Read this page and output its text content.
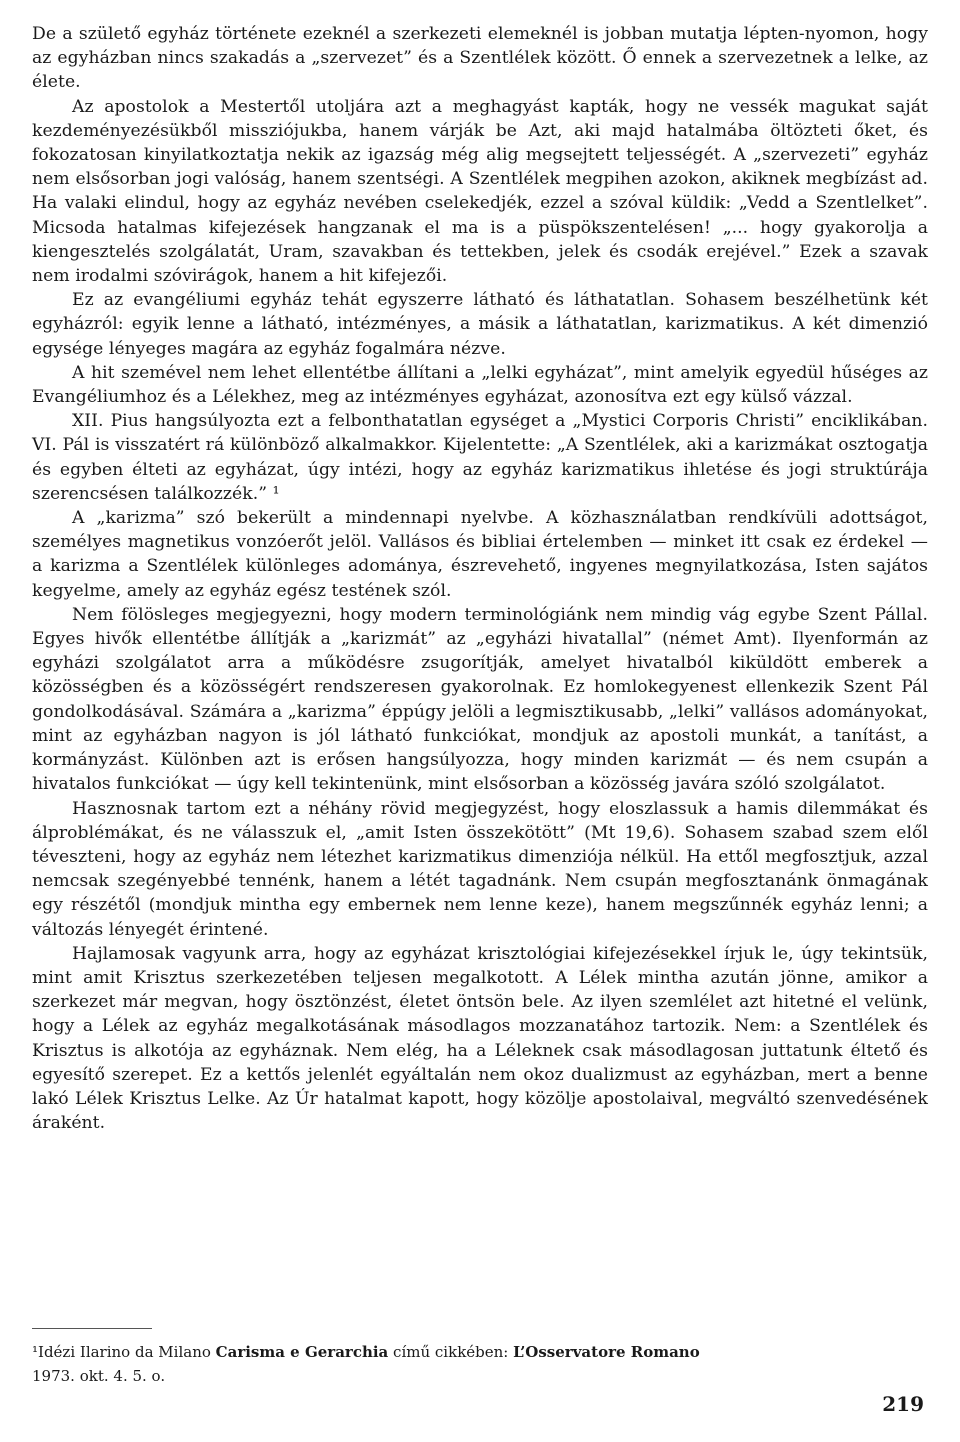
De a születő egyház története ezeknél a szerkezeti elemeknél is jobban mutatja lépten-nyomon, hogy az egyházban nincs szakadás a „szervezet” és a Szentlélek között. Ő ennek a szervezetnek a lelke, az élete.

Az apostolok a Mestertől utoljára azt a meghagyást kapták, hogy ne vessék magukat saját kezdeményezésükből missziójukba, hanem várják be Azt, aki majd hatalmába öltözteti őket, és fokozatosan kinyilatkoztatja nekik az igazság még alig megsejtett teljességét. A „szervezeti” egyház nem elsősorban jogi valóság, hanem szentségi. A Szentlélek megpihen azokon, akiknek megbízást ad. Ha valaki elindul, hogy az egyház nevében cselekedjék, ezzel a szóval küldik: „Vedd a Szentlelket”. Micsoda hatalmas kifejezések hangzanak el ma is a püspökszentelésen! „... hogy gyakorolja a kiengesztelés szolgálatát, Uram, szavakban és tettekben, jelek és csodák erejével.” Ezek a szavak nem irodalmi szóvirágok, hanem a hit kifejezői.

Ez az evangéliumi egyház tehát egyszerre látható és láthatatlan. Sohasem beszélhetünk két egyházról: egyik lenne a látható, intézményes, a másik a láthatatlan, karizmatikus. A két dimenzió egysége lényeges magára az egyház fogalmára nézve.

A hit szemével nem lehet ellentétbe állítani a „lelki egyházat”, mint amelyik egyedül hűséges az Evangéliumhoz és a Lélekhez, meg az intézményes egyházat, azonosítva ezt egy külső vázzal.

XII. Pius hangsúlyozta ezt a felbonthatatlan egységet a „Mystici Corporis Christi” enciklikában. VI. Pál is visszatért rá különböző alkalmakkor. Kijelentette: „A Szentlélek, aki a karizmákat osztogatja és egyben élteti az egyházat, úgy intézi, hogy az egyház karizmatikus ihletése és jogi struktúrája szerencsésen találkozzék.” ¹

A „karizma” szó bekerült a mindennapi nyelvbe. A közhasználatban rendkívüli adottságot, személyes magnetikus vonzóerőt jelöl. Vallásos és bibliai értelemben — minket itt csak ez érdekel — a karizma a Szentlélek különleges adománya, észrevehető, ingyenes megnyilatkozása, Isten sajátos kegyelme, amely az egyház egész testének szól.

Nem fölösleges megjegyezni, hogy modern terminológiánk nem mindig vág egybe Szent Pállal. Egyes hivők ellentétbe állítják a „karizmát” az „egyházi hivatallal” (német Amt). Ilyenformán az egyházi szolgálatot arra a működésre zsugorítják, amelyet hivatalból kiküldött emberek a közösségben és a közösségért rendszeresen gyakorolnak. Ez homlokegyenest ellenkezik Szent Pál gondolkodásával. Számára a „karizma” éppúgy jelöli a legmisztikusabb, „lelki” vallásos adományokat, mint az egyházban nagyon is jól látható funkciókat, mondjuk az apostoli munkát, a tanítást, a kormányzást. Különben azt is erősen hangsúlyozza, hogy minden karizmát — és nem csupán a hivatalos funkciókat — úgy kell tekintenünk, mint elsősorban a közösség javára szóló szolgálatot.

Hasznosnak tartom ezt a néhány rövid megjegyzést, hogy eloszlassuk a hamis dilemmákat és álproblémákat, és ne válasszuk el, „amit Isten összekötött” (Mt 19,6). Sohasem szabad szem elől téveszteni, hogy az egyház nem létezhet karizmatikus dimenziója nélkül. Ha ettől megfosztjuk, azzal nemcsak szegényebbé tennénk, hanem a létét tagadnánk. Nem csupán megfosztanánk önmagának egy részétől (mondjuk mintha egy embernek nem lenne keze), hanem megszűnnék egyház lenni; a változás lényegét érintené.

Hajlamosak vagyunk arra, hogy az egyházat krisztológiai kifejezésekkel írjuk le, úgy tekintsük, mint amit Krisztus szerkezetében teljesen megalkotott. A Lélek mintha azután jönne, amikor a szerkezet már megvan, hogy ösztönzést, életet öntsön bele. Az ilyen szemlélet azt hitetné el velünk, hogy a Lélek az egyház megalkotásának másodlagos mozzanatához tartozik. Nem: a Szentlélek és Krisztus is alkotója az egyháznak. Nem elég, ha a Léleknek csak másodlagosan juttatunk éltető és egyesítő szerepet. Ez a kettős jelenlét egyáltalán nem okoz dualizmust az egyházban, mert a benne lakó Lélek Krisztus Lelke. Az Úr hatalmat kapott, hogy közölje apostolaival, megváltó szenvedésének áraként.

¹Idézi Ilarino da Milano Carisma e Gerarchia című cikkében: L’Osservatore Romano

1973. okt. 4. 5. o.

219
